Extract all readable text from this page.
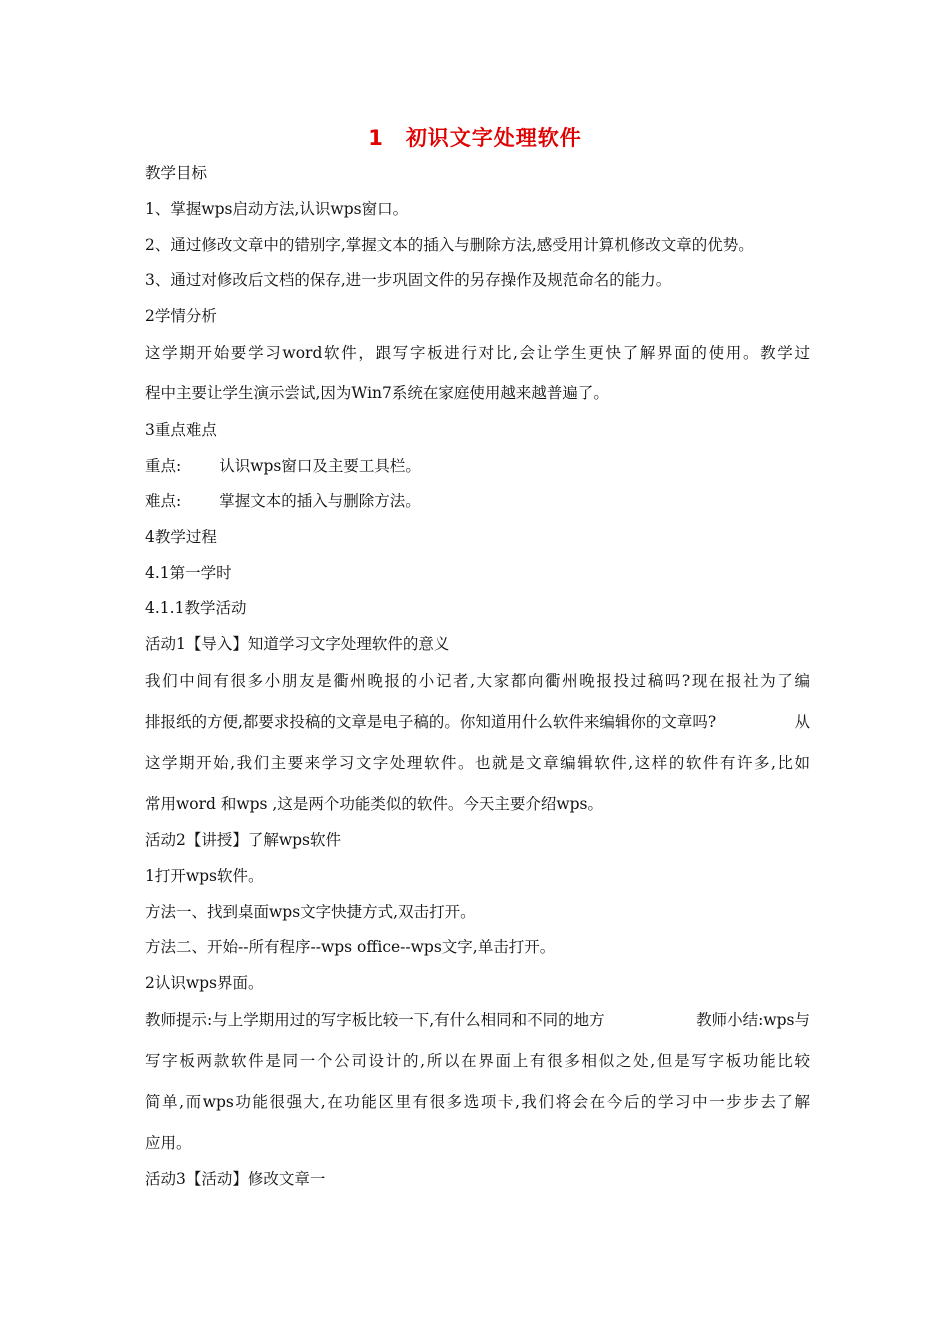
1 初识文字处理软件
教学目标
1、掌握wps启动方法,认识wps窗口。
2、通过修改文章中的错别字,掌握文本的插入与删除方法,感受用计算机修改文章的优势。
3、通过对修改后文档的保存,进一步巩固文件的另存操作及规范命名的能力。
2学情分析
这学期开始要学习word软件，跟写字板进行对比,会让学生更快了解界面的使用。教学过
程中主要让学生演示尝试,因为Win7系统在家庭使用越来越普遍了。
3重点难点
重点: 认识wps窗口及主要工具栏。
难点: 掌握文本的插入与删除方法。
4教学过程
4.1第一学时
4.1.1教学活动
活动1【导入】知道学习文字处理软件的意义
我们中间有很多小朋友是衢州晚报的小记者,大家都向衢州晚报投过稿吗?现在报社为了编
排报纸的方便,都要求投稿的文章是电子稿的。你知道用什么软件来编辑你的文章吗?	从
这学期开始,我们主要来学习文字处理软件。也就是文章编辑软件,这样的软件有许多,比如
常用word 和wps ,这是两个功能类似的软件。今天主要介绍wps。
活动2【讲授】了解wps软件
1打开wps软件。
方法一、找到桌面wps文字快捷方式,双击打开。
方法二、开始--所有程序--wps office--wps文字,单击打开。
2认识wps界面。
教师提示:与上学期用过的写字板比较一下,有什么相同和不同的地方	教师小结:wps与
写字板两款软件是同一个公司设计的,所以在界面上有很多相似之处,但是写字板功能比较
简单,而wps功能很强大,在功能区里有很多选项卡,我们将会在今后的学习中一步步去了解
应用。
活动3【活动】修改文章一
